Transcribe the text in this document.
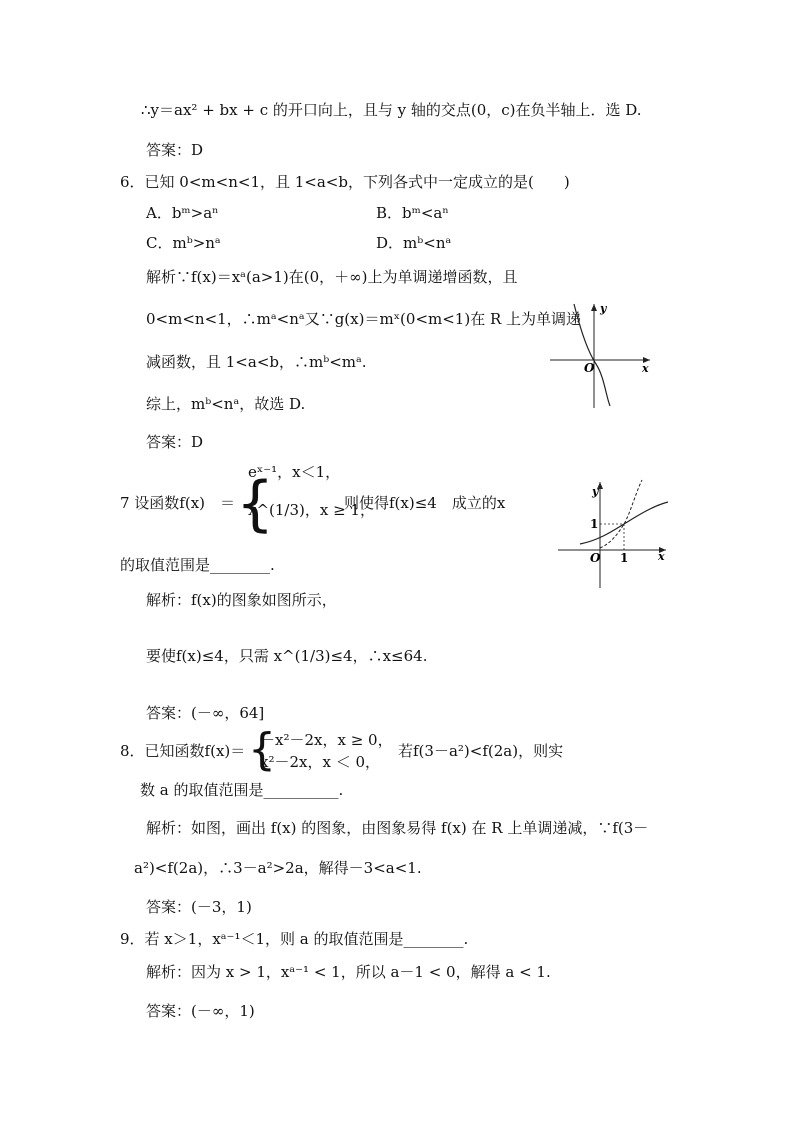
∴y＝ax² + bx + c 的开口向上，且与 y 轴的交点(0，c)在负半轴上．选 D.
答案：D
6．已知 0<m<n<1，且 1<a<b，下列各式中一定成立的是(　　)
A．bᵐ>aⁿ	B．bᵐ<aⁿ
C．mᵇ>nᵃ	D．mᵇ<nᵃ
解析∵f(x)＝xᵃ(a>1)在(0，＋∞)上为单调递增函数，且
0<m<n<1，∴mᵃ<nᵃ又∵g(x)＝mˣ(0<m<1)在 R 上为单调递
减函数，且 1<a<b，∴mᵇ<mᵃ.
综上，mᵇ<nᵃ，故选 D.
答案：D
y
x
O
7 设函数f(x)　＝ {
eˣ⁻¹，x＜1，
x^(1/3)，x ≥ 1，
则使得f(x)≤4　成立的x
的取值范围是________.
解析：f(x)的图象如图所示，
要使f(x)≤4，只需 x^(1/3)≤4，∴x≤64.
答案：(－∞，64]
1
1
y
x
O
8．已知函数f(x)＝ {
－x²－2x，x ≥ 0，
x²－2x，x ＜ 0，
若f(3－a²)<f(2a)，则实
数 a 的取值范围是__________.
解析：如图，画出 f(x) 的图象，由图象易得 f(x) 在 R 上单调递减，∵f(3－
a²)<f(2a)，∴3－a²>2a，解得－3<a<1.
答案：(－3，1)
9．若 x＞1，xᵃ⁻¹＜1，则 a 的取值范围是________.
解析：因为 x > 1，xᵃ⁻¹ < 1，所以 a－1 < 0，解得 a < 1.
答案：(－∞，1)
